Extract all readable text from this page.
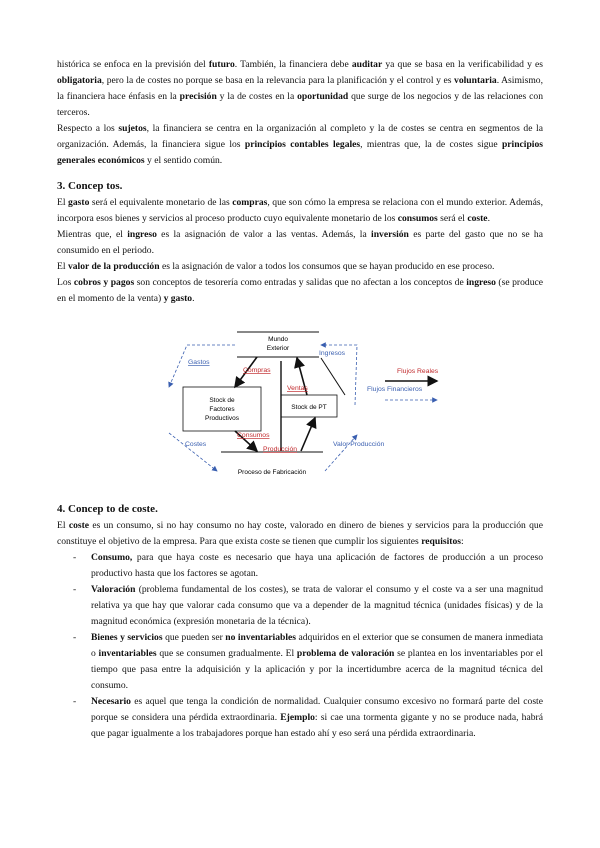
histórica se enfoca en la previsión del futuro. También, la financiera debe auditar ya que se basa en la verificabilidad y es obligatoria, pero la de costes no porque se basa en la relevancia para la planificación y el control y es voluntaria. Asimismo, la financiera hace énfasis en la precisión y la de costes en la oportunidad que surge de los negocios y de las relaciones con terceros.

Respecto a los sujetos, la financiera se centra en la organización al completo y la de costes se centra en segmentos de la organización. Además, la financiera sigue los principios contables legales, mientras que, la de costes sigue principios generales económicos y el sentido común.

3. Concep tos.

El gasto será el equivalente monetario de las compras, que son cómo la empresa se relaciona con el mundo exterior. Además, incorpora esos bienes y servicios al proceso producto cuyo equivalente monetario de los consumos será el coste.

Mientras que, el ingreso es la asignación de valor a las ventas. Además, la inversión es parte del gasto que no se ha consumido en el periodo.

El valor de la producción es la asignación de valor a todos los consumos que se hayan producido en ese proceso.

Los cobros y pagos son conceptos de tesorería como entradas y salidas que no afectan a los conceptos de ingreso (se produce en el momento de la venta) y gasto.

Mundo
Exterior
Stock de
Factores
Productivos
Stock de PT
Proceso de Fabricación
Gastos
Ingresos
Compras
Ventas
Costes
Consumos
Producción
Valor Producción
Flujos Reales
Flujos Financieros
4. Concep to de coste.

El coste es un consumo, si no hay consumo no hay coste, valorado en dinero de bienes y servicios para la producción que constituye el objetivo de la empresa. Para que exista coste se tienen que cumplir los siguientes requisitos:

- Consumo, para que haya coste es necesario que haya una aplicación de factores de producción a un proceso productivo hasta que los factores se agotan.
- Valoración (problema fundamental de los costes), se trata de valorar el consumo y el coste va a ser una magnitud relativa ya que hay que valorar cada consumo que va a depender de la magnitud técnica (unidades físicas) y de la magnitud económica (expresión monetaria de la técnica).
- Bienes y servicios que pueden ser no inventariables adquiridos en el exterior que se consumen de manera inmediata o inventariables que se consumen gradualmente. El problema de valoración se plantea en los inventariables por el tiempo que pasa entre la adquisición y la aplicación y por la incertidumbre acerca de la magnitud técnica del consumo.
- Necesario es aquel que tenga la condición de normalidad. Cualquier consumo excesivo no formará parte del coste porque se considera una pérdida extraordinaria. Ejemplo: si cae una tormenta gigante y no se produce nada, habrá que pagar igualmente a los trabajadores porque han estado ahí y eso será una pérdida extraordinaria.
